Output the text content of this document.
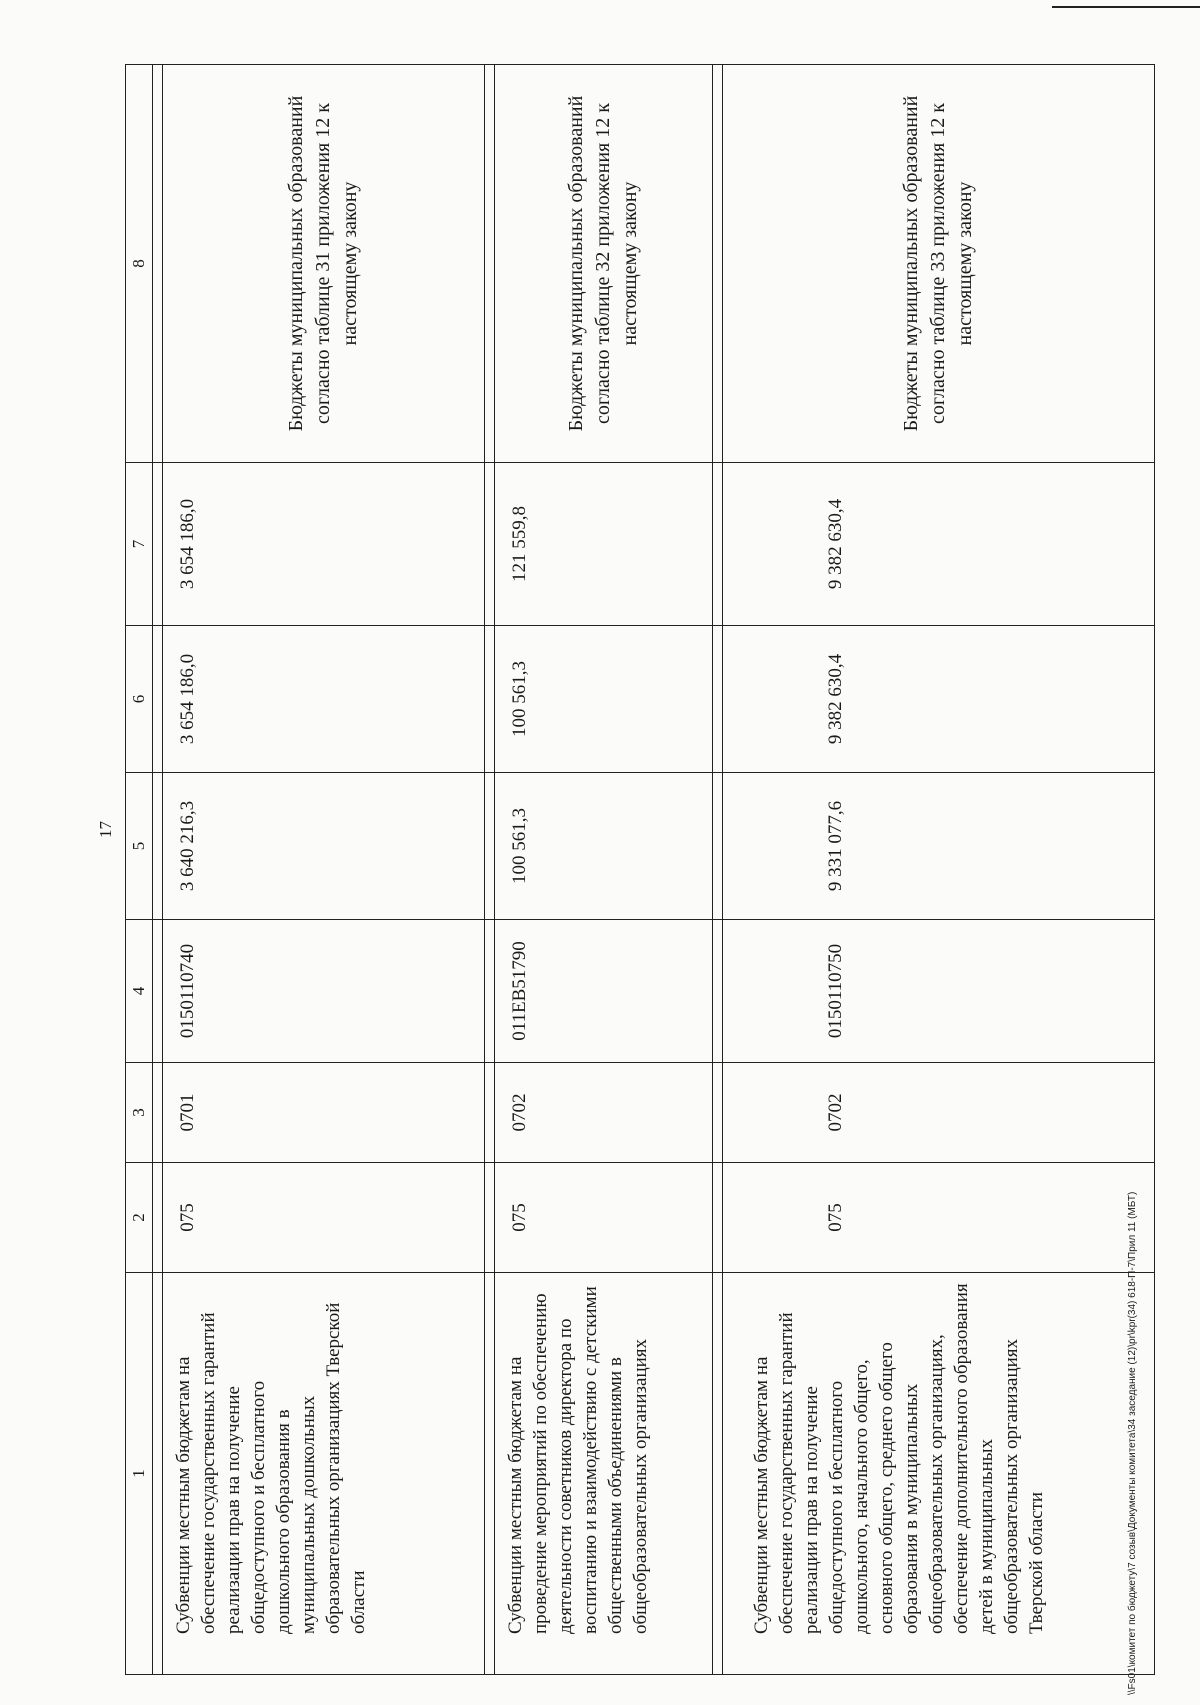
17
1	2	3	4	5	6	7	8

Субвенции местным бюджетам на обеспечение государственных гарантий реализации прав на получение общедоступного и бесплатного дошкольного образования в муниципальных дошкольных образовательных организациях Тверской области	075	0701	0150110740	3 640 216,3	3 654 186,0	3 654 186,0	Бюджеты муниципальных образований согласно таблице 31 приложения 12 к настоящему закону

Субвенции местным бюджетам на проведение мероприятий по обеспечению деятельности советников директора по воспитанию и взаимодействию с детскими общественными объединениями в общеобразовательных организациях	075	0702	011EB51790	100 561,3	100 561,3	121 559,8	Бюджеты муниципальных образований согласно таблице 32 приложения 12 к настоящему закону

Субвенции местным бюджетам на обеспечение государственных гарантий реализации прав на получение общедоступного и бесплатного дошкольного, начального общего, основного общего, среднего общего образования в муниципальных общеобразовательных организациях, обеспечение дополнительного образования детей в муниципальных общеобразовательных организациях Тверской области	075	0702	0150110750	9 331 077,6	9 382 630,4	9 382 630,4	Бюджеты муниципальных образований согласно таблице 33 приложения 12 к настоящему закону
\\Fs01\комитет по бюджету\7 созыв\Документы комитета\34 заседание (12)\pr\kpr(34) 618-П-7\Прил 11 (МБТ)
